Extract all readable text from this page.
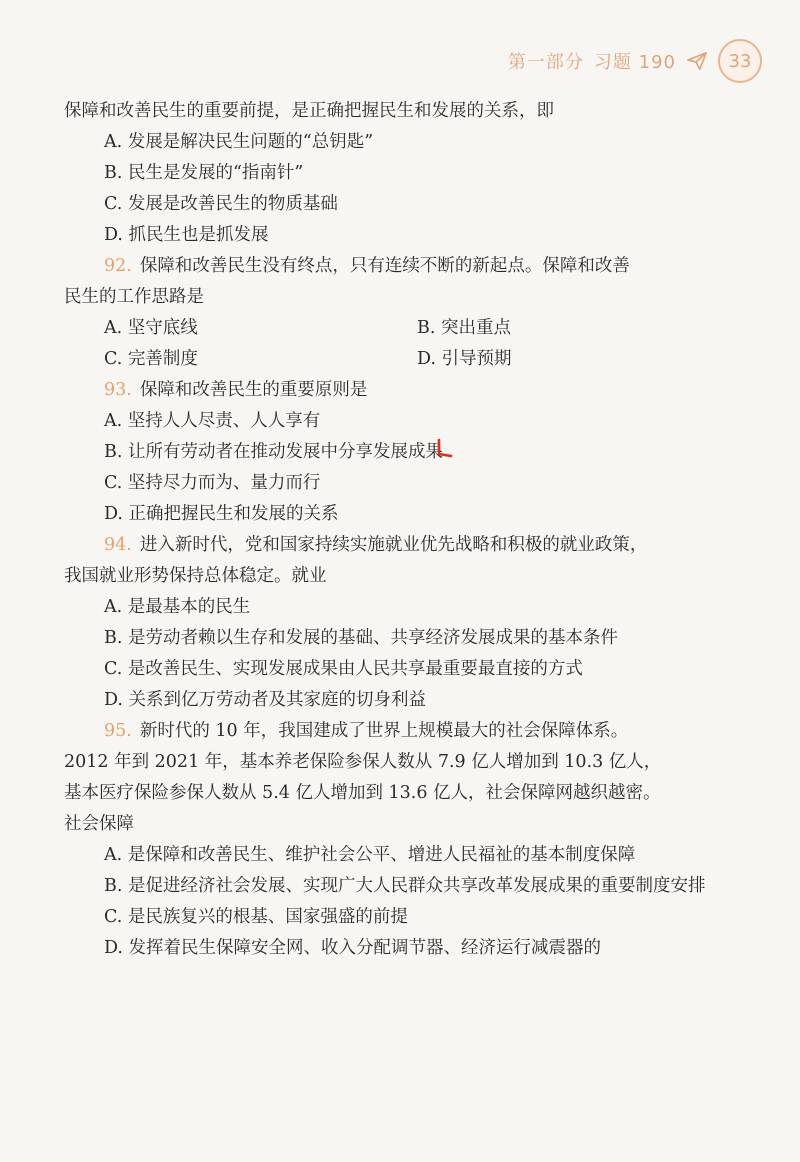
第一部分 习题 190	33
保障和改善民生的重要前提，是正确把握民生和发展的关系，即
A. 发展是解决民生问题的“总钥匙”
B. 民生是发展的“指南针”
C. 发展是改善民生的物质基础
D. 抓民生也是抓发展
92. 保障和改善民生没有终点，只有连续不断的新起点。保障和改善
民生的工作思路是
A. 坚守底线	B. 突出重点
C. 完善制度	D. 引导预期
93. 保障和改善民生的重要原则是
A. 坚持人人尽责、人人享有
B. 让所有劳动者在推动发展中分享发展成果
C. 坚持尽力而为、量力而行
D. 正确把握民生和发展的关系
94. 进入新时代，党和国家持续实施就业优先战略和积极的就业政策，
我国就业形势保持总体稳定。就业
A. 是最基本的民生
B. 是劳动者赖以生存和发展的基础、共享经济发展成果的基本条件
C. 是改善民生、实现发展成果由人民共享最重要最直接的方式
D. 关系到亿万劳动者及其家庭的切身利益
95. 新时代的 10 年，我国建成了世界上规模最大的社会保障体系。
2012 年到 2021 年，基本养老保险参保人数从 7.9 亿人增加到 10.3 亿人，
基本医疗保险参保人数从 5.4 亿人增加到 13.6 亿人，社会保障网越织越密。
社会保障
A. 是保障和改善民生、维护社会公平、增进人民福祉的基本制度保障
B. 是促进经济社会发展、实现广大人民群众共享改革发展成果的重要制度安排
C. 是民族复兴的根基、国家强盛的前提
D. 发挥着民生保障安全网、收入分配调节器、经济运行减震器的
